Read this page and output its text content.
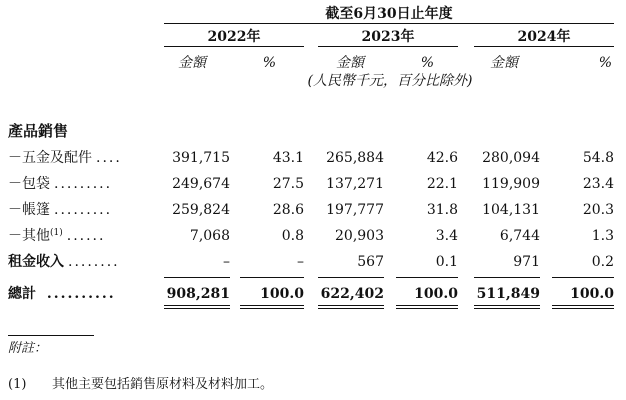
截至6月30日止年度
2022年	2023年	2024年
金額	%	金額	%	金額	%
(人民幣千元，百分比除外)
產品銷售
－五金及配件 ....	391,715	43.1	265,884	42.6	280,094	54.8
－包袋 .........	249,674	27.5	137,271	22.1	119,909	23.4
－帳篷 .........	259,824	28.6	197,777	31.8	104,131	20.3
－其他$^{(1)}$ ......	7,068	0.8	20,903	3.4	6,744	1.3
租金收入 ........	–	–	567	0.1	971	0.2
總計 ..........	908,281	100.0 622,402	100.0 511,849	100.0
附註：
(1) 其他主要包括銷售原材料及材料加工。
